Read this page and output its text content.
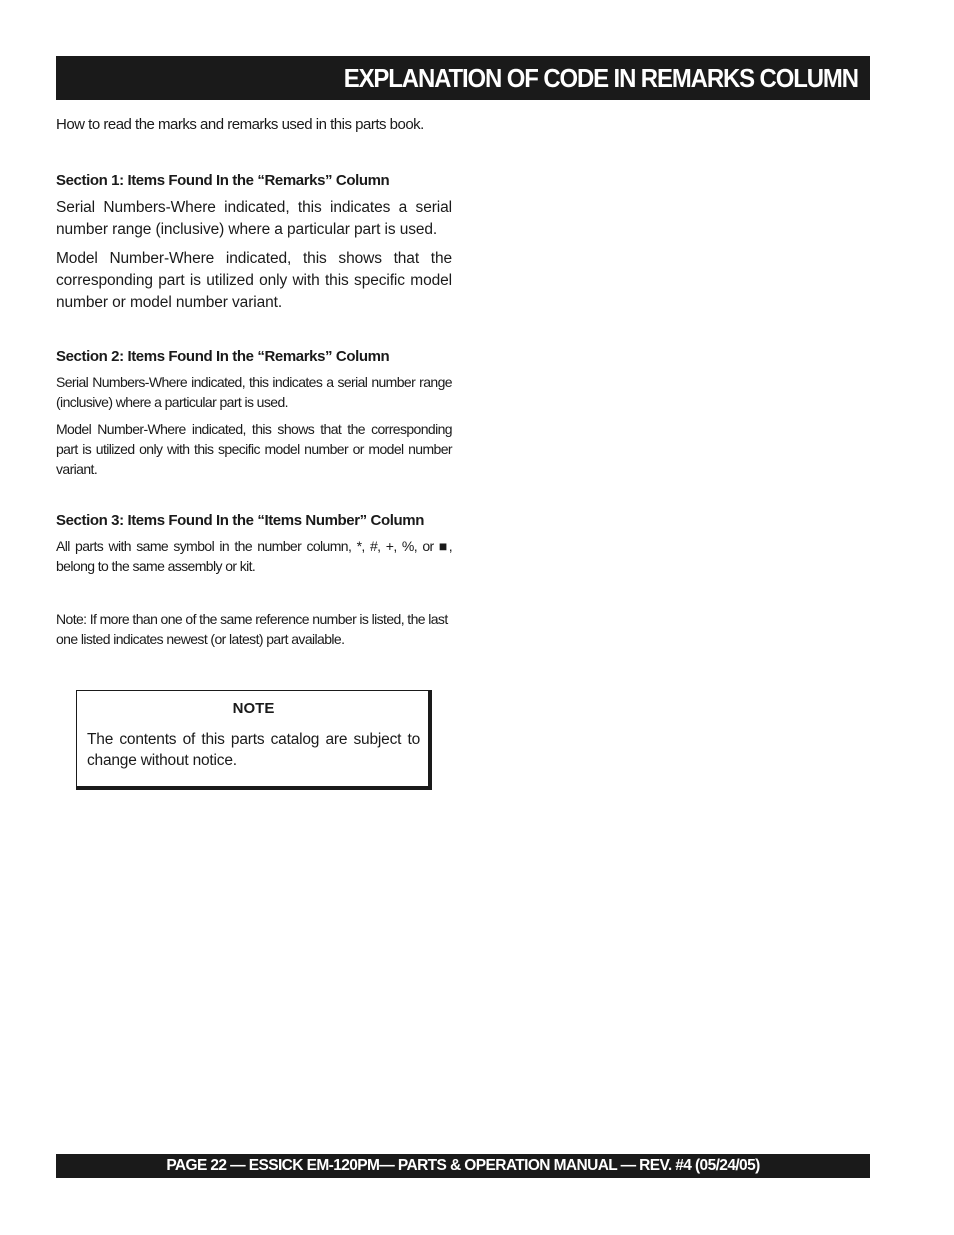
EXPLANATION OF CODE IN REMARKS COLUMN

How to read the marks and remarks used in this parts book.

Section 1: Items Found In the “Remarks” Column

Serial Numbers-Where indicated, this indicates a serial number range (inclusive) where a particular part is used.

Model Number-Where indicated, this shows that the corresponding part is utilized only with this specific model number or model number variant.

Section 2: Items Found In the “Remarks” Column

Serial Numbers-Where indicated, this indicates a serial number range (inclusive) where a particular part is used.

Model Number-Where indicated, this shows that the corresponding part is utilized only with this specific model number or model number variant.

Section 3: Items Found In the “Items Number” Column

All parts with same symbol in the number column, *, #, +, %, or ■, belong to the same assembly or kit.

Note: If more than one of the same reference number is listed, the last one listed indicates newest (or latest) part available.

NOTE

The contents of this parts catalog are subject to change without notice.

PAGE 22 — ESSICK EM-120PM— PARTS & OPERATION MANUAL — REV. #4 (05/24/05)
